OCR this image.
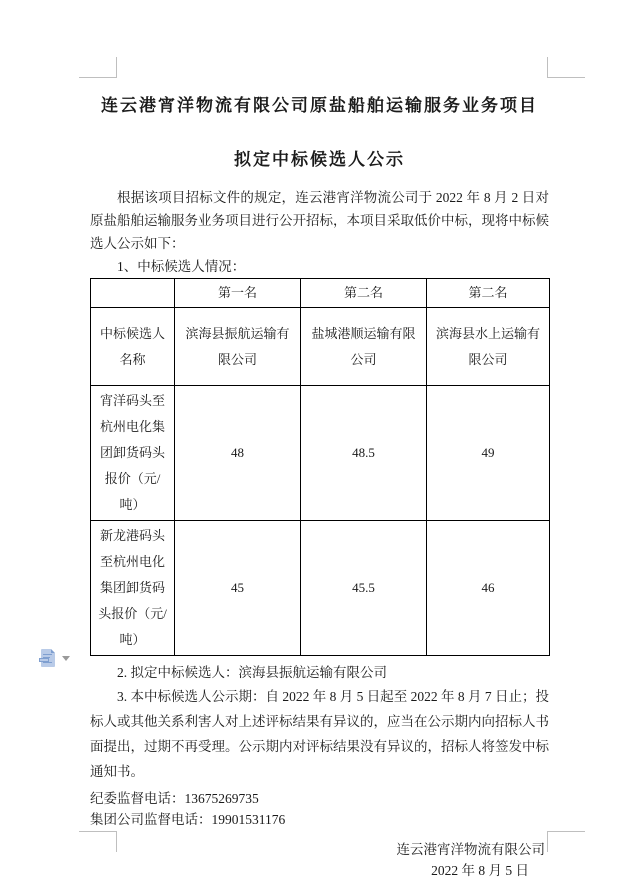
连云港宵洋物流有限公司原盐船舶运输服务业务项目
拟定中标候选人公示

根据该项目招标文件的规定，连云港宵洋物流公司于 2022 年 8 月 2 日对原盐船舶运输服务业务项目进行公开招标，本项目采取低价中标，现将中标候选人公示如下：

1、中标候选人情况：
	第一名	第二名	第二名
中标候选人名称	滨海县振航运输有限公司	盐城港顺运输有限公司	滨海县水上运输有限公司
宵洋码头至杭州电化集团卸货码头报价（元/吨）	48	48.5	49
新龙港码头至杭州电化集团卸货码头报价（元/吨）	45	45.5	46
2. 拟定中标候选人：滨海县振航运输有限公司

3. 本中标候选人公示期：自 2022 年 8 月 5 日起至 2022 年 8 月 7 日止；投标人或其他关系利害人对上述评标结果有异议的，应当在公示期内向招标人书面提出，过期不再受理。公示期内对评标结果没有异议的，招标人将签发中标通知书。

纪委监督电话：13675269735
集团公司监督电话：19901531176
连云港宵洋物流有限公司
2022 年 8 月 5 日
